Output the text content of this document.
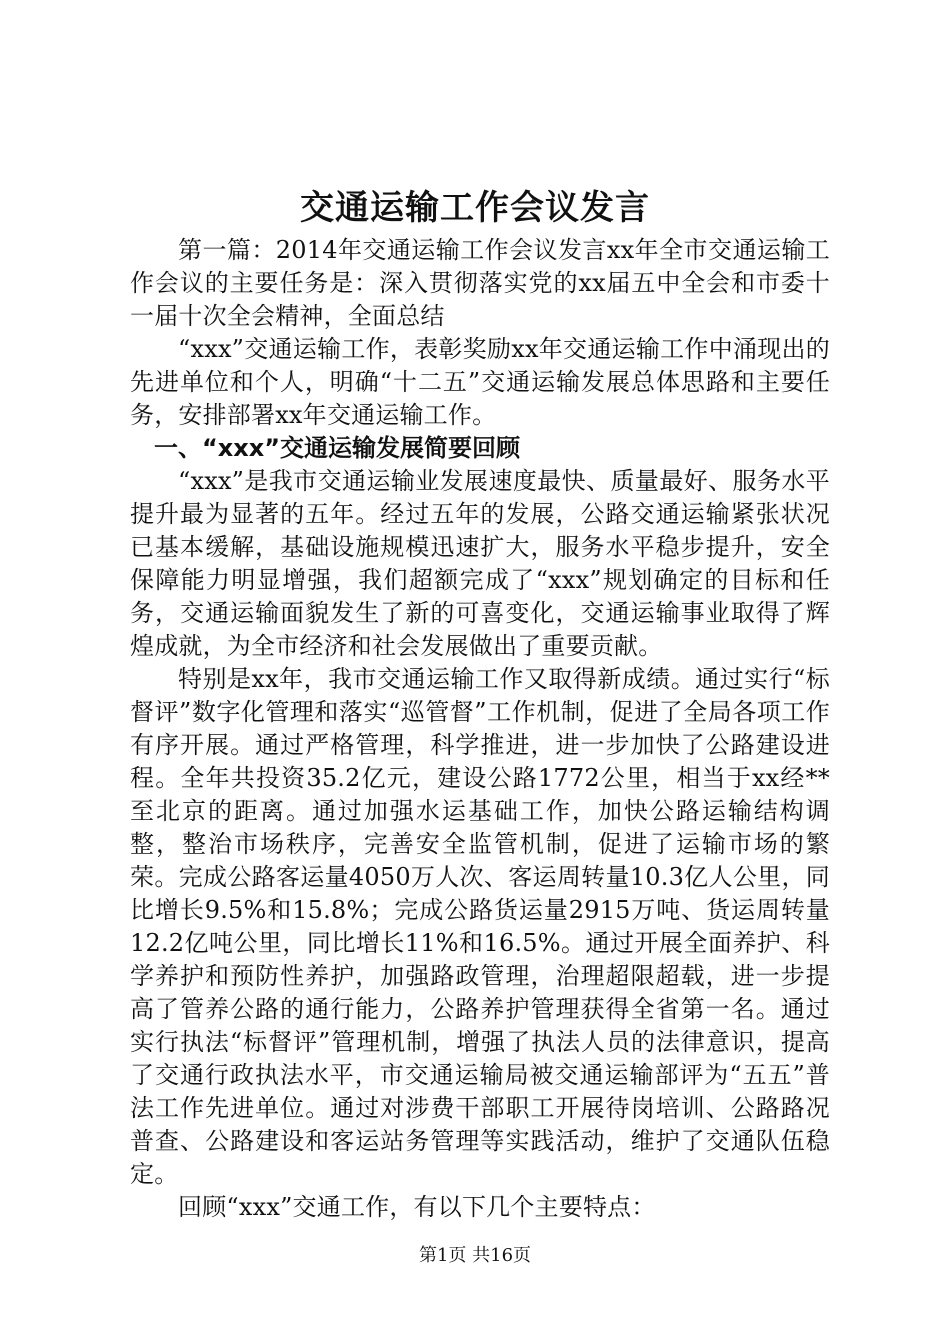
交通运输工作会议发言

第一篇：2014年交通运输工作会议发言xx年全市交通运输工作会议的主要任务是：深入贯彻落实党的xx届五中全会和市委十一届十次全会精神，全面总结

“xxx”交通运输工作，表彰奖励xx年交通运输工作中涌现出的先进单位和个人，明确“十二五”交通运输发展总体思路和主要任务，安排部署xx年交通运输工作。

一、“xxx”交通运输发展简要回顾

“xxx”是我市交通运输业发展速度最快、质量最好、服务水平提升最为显著的五年。经过五年的发展，公路交通运输紧张状况已基本缓解，基础设施规模迅速扩大，服务水平稳步提升，安全保障能力明显增强，我们超额完成了“xxx”规划确定的目标和任务，交通运输面貌发生了新的可喜变化，交通运输事业取得了辉煌成就，为全市经济和社会发展做出了重要贡献。

特别是xx年，我市交通运输工作又取得新成绩。通过实行“标督评”数字化管理和落实“巡管督”工作机制，促进了全局各项工作有序开展。通过严格管理，科学推进，进一步加快了公路建设进程。全年共投资35.2亿元，建设公路1772公里，相当于xx经**至北京的距离。通过加强水运基础工作，加快公路运输结构调整，整治市场秩序，完善安全监管机制，促进了运输市场的繁荣。完成公路客运量4050万人次、客运周转量10.3亿人公里，同比增长9.5%和15.8%；完成公路货运量2915万吨、货运周转量12.2亿吨公里，同比增长11%和16.5%。通过开展全面养护、科学养护和预防性养护，加强路政管理，治理超限超载，进一步提高了管养公路的通行能力，公路养护管理获得全省第一名。通过实行执法“标督评”管理机制，增强了执法人员的法律意识，提高了交通行政执法水平，市交通运输局被交通运输部评为“五五”普法工作先进单位。通过对涉费干部职工开展待岗培训、公路路况普查、公路建设和客运站务管理等实践活动，维护了交通队伍稳定。

回顾“xxx”交通工作，有以下几个主要特点：

第1页 共16页
